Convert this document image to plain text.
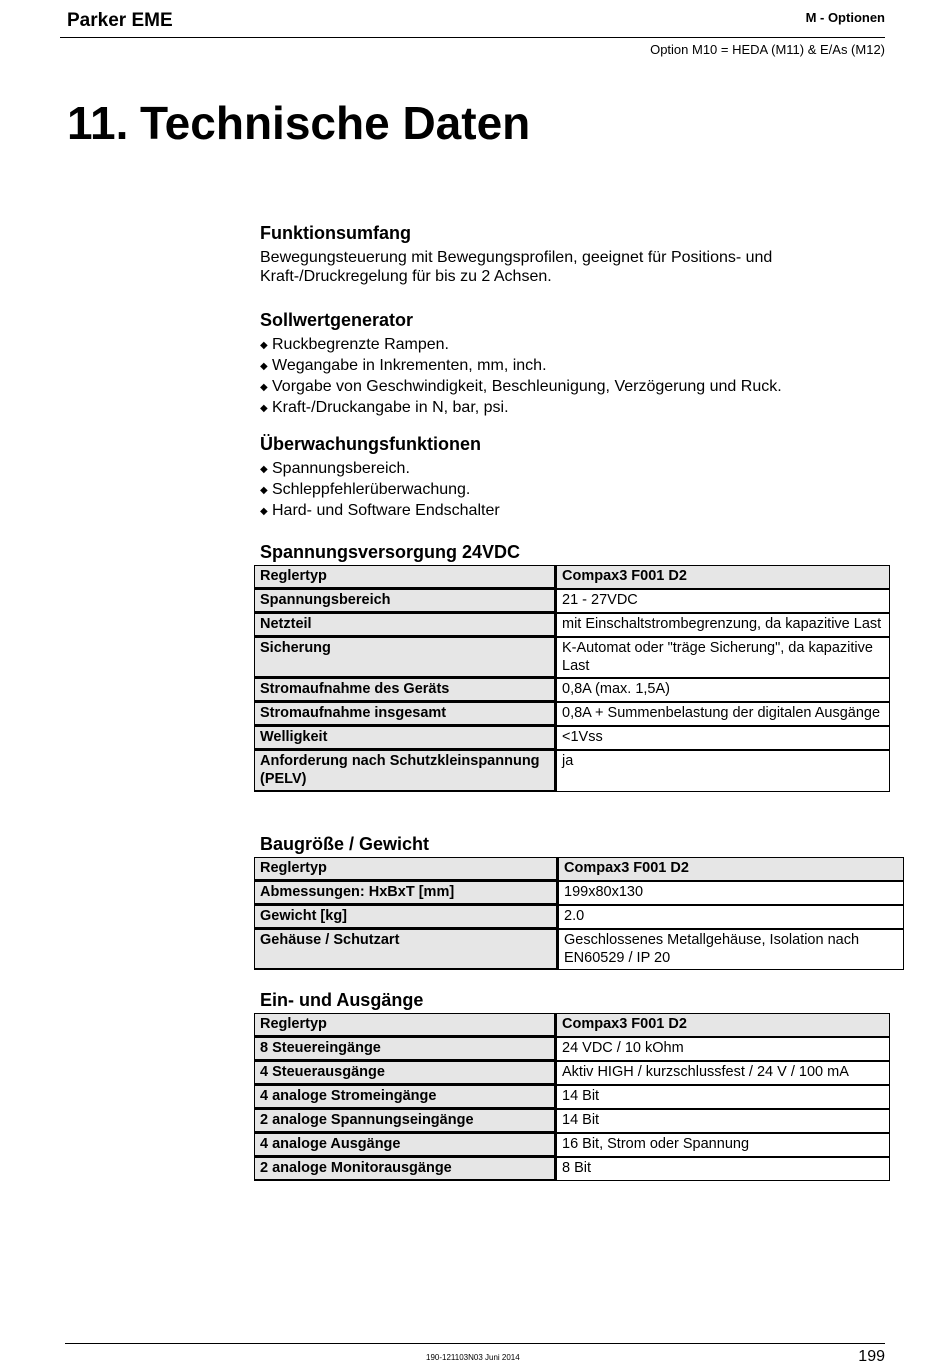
Parker EME	M - Optionen
Option M10 = HEDA (M11) & E/As (M12)
11. Technische Daten
Funktionsumfang

Bewegungsteuerung mit Bewegungsprofilen, geeignet für Positions- und Kraft-/Druckregelung für bis zu 2 Achsen.

Sollwertgenerator
◆ Ruckbegrenzte Rampen.
◆ Wegangabe in Inkrementen, mm, inch.
◆ Vorgabe von Geschwindigkeit, Beschleunigung, Verzögerung und Ruck.
◆ Kraft-/Druckangabe in N, bar, psi.
Überwachungsfunktionen
◆ Spannungsbereich.
◆ Schleppfehlerüberwachung.
◆ Hard- und Software Endschalter
Spannungsversorgung 24VDC
Reglertyp	Compax3 F001 D2
Spannungsbereich	21 - 27VDC
Netzteil	mit Einschaltstrombegrenzung, da kapazitive Last
Sicherung	K-Automat oder "träge Sicherung", da kapazitive Last
Stromaufnahme des Geräts	0,8A (max. 1,5A)
Stromaufnahme insgesamt	0,8A + Summenbelastung der digitalen Ausgänge
Welligkeit	<1Vss
Anforderung nach Schutzkleinspannung (PELV)	ja
Baugröße / Gewicht
Reglertyp	Compax3 F001 D2
Abmessungen: HxBxT [mm]	199x80x130
Gewicht [kg]	2.0
Gehäuse / Schutzart	Geschlossenes Metallgehäuse, Isolation nach EN60529 / IP 20
Ein- und Ausgänge
Reglertyp	Compax3 F001 D2
8 Steuereingänge	24 VDC / 10 kOhm
4 Steuerausgänge	Aktiv HIGH / kurzschlussfest / 24 V / 100 mA
4 analoge Stromeingänge	14 Bit
2 analoge Spannungseingänge	14 Bit
4 analoge Ausgänge	16 Bit, Strom oder Spannung
2 analoge Monitorausgänge	8 Bit
190-121103N03 Juni 2014	199
